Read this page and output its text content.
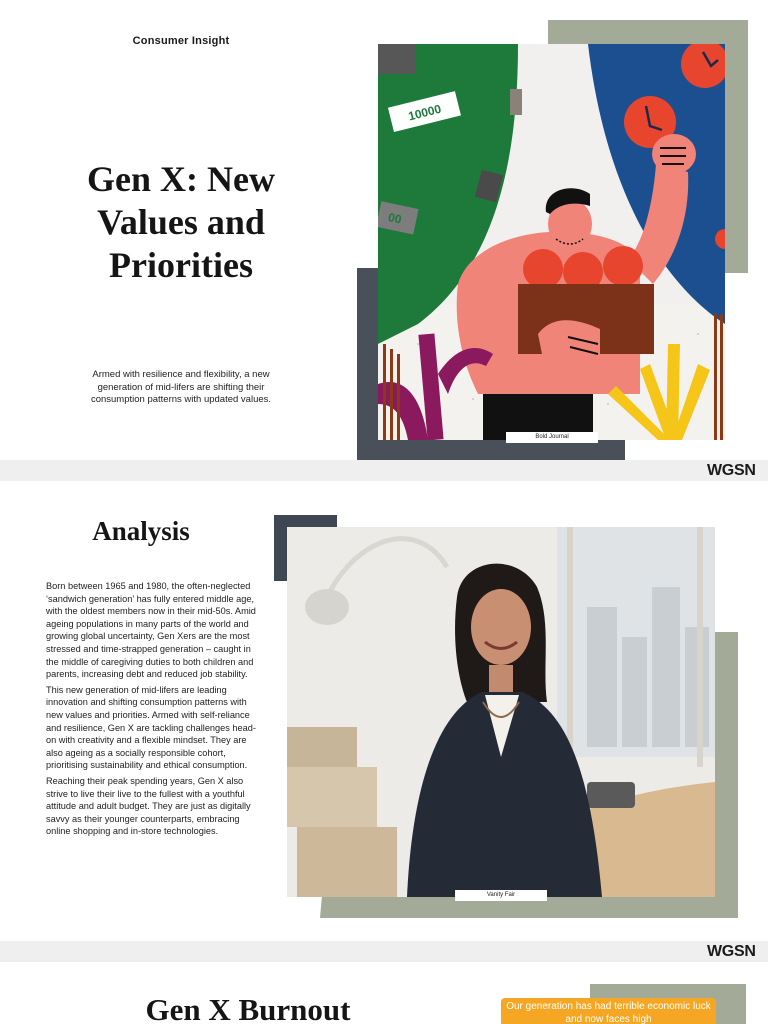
Consumer Insight
Gen X: New
Values and
Priorities

Armed with resilience and flexibility, a new generation of mid-lifers are shifting their consumption patterns with updated values.

10000
00
Bold Journal
WGSN
Analysis

Born between 1965 and 1980, the often-neglected ‘sandwich generation’ has fully entered middle age, with the oldest members now in their mid-50s. Amid ageing populations in many parts of the world and growing global uncertainty, Gen Xers are the most stressed and time-strapped generation – caught in the middle of caregiving duties to both children and parents, increasing debt and reduced job stability.

This new generation of mid-lifers are leading innovation and shifting consumption patterns with new values and priorities. Armed with self-reliance and resilience, Gen X are tackling challenges head-on with creativity and a flexible mindset. They are also ageing as a socially responsible cohort, prioritising sustainability and ethical consumption.

Reaching their peak spending years, Gen X also strive to live their live to the fullest with a youthful attitude and adult budget. They are just as digitally savvy as their younger counterparts, embracing online shopping and in-store technologies.

Vanity Fair
WGSN
Gen X Burnout	Our generation has had terrible economic luck and now faces high
